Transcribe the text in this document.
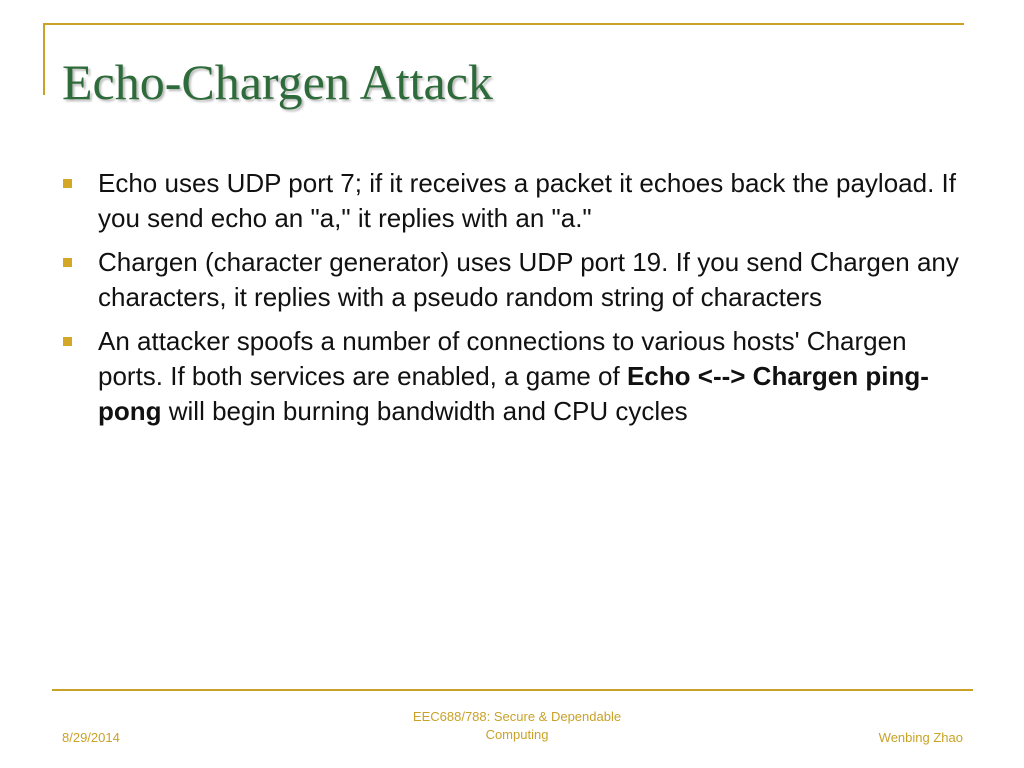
Echo-Chargen Attack
Echo uses UDP port 7; if it receives a packet it echoes back the payload. If you send echo an "a," it replies with an "a."
Chargen (character generator) uses UDP port 19. If you send Chargen any characters, it replies with a pseudo random string of characters
An attacker spoofs a number of connections to various hosts' Chargen ports. If both services are enabled, a game of Echo <--> Chargen ping-pong will begin burning bandwidth and CPU cycles
8/29/2014
EEC688/788: Secure & Dependable
Computing	Wenbing Zhao
